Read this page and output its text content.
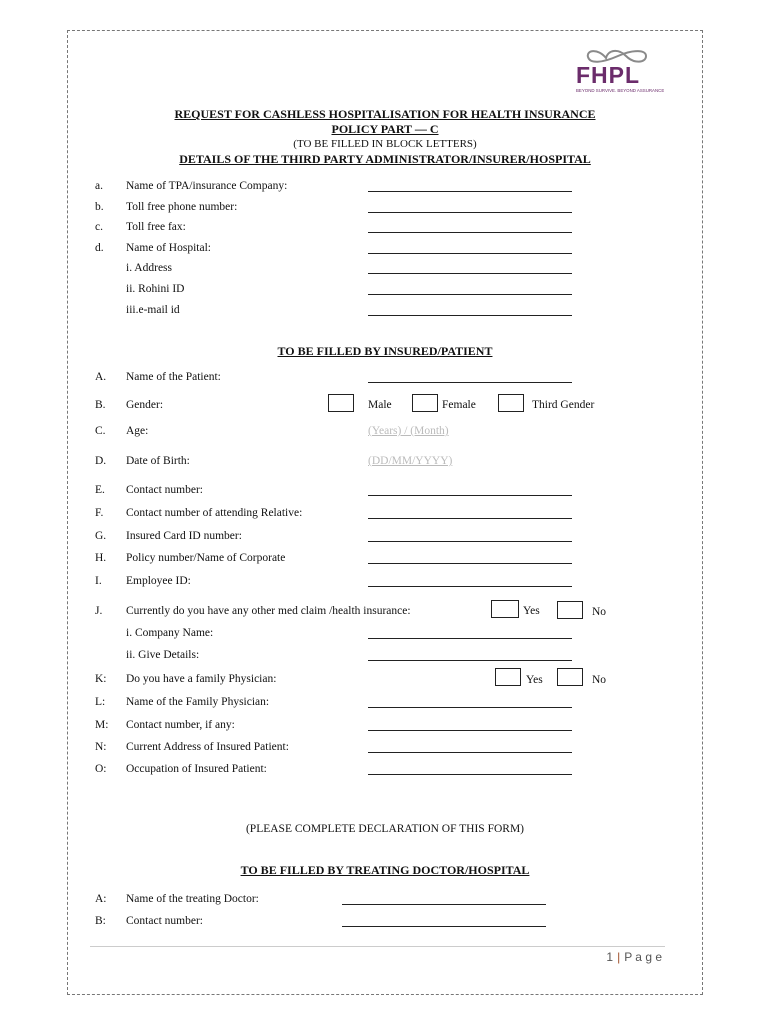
FHPL
BEYOND SURVIVE. BEYOND ASSURANCE
REQUEST FOR CASHLESS HOSPITALISATION FOR HEALTH INSURANCE
POLICY PART — C
(TO BE FILLED IN BLOCK LETTERS)
DETAILS OF THE THIRD PARTY ADMINISTRATOR/INSURER/HOSPITAL
a. Name of TPA/insurance Company:
b. Toll free phone number:
c. Toll free fax:
d. Name of Hospital:
i. Address
ii. Rohini ID
iii.e-mail id
TO BE FILLED BY INSURED/PATIENT
A. Name of the Patient:
B. Gender:	Male	Female	Third Gender
C. Age:	(Years) / (Month)
D. Date of Birth:	(DD/MM/YYYY)
E. Contact number:
F. Contact number of attending Relative:
G. Insured Card ID number:
H. Policy number/Name of Corporate
I. Employee ID:
J. Currently do you have any other med claim /health insurance:	Yes	No
i. Company Name:
ii. Give Details:
K: Do you have a family Physician:	Yes	No
L: Name of the Family Physician:
M: Contact number, if any:
N: Current Address of Insured Patient:
O: Occupation of Insured Patient:
(PLEASE COMPLETE DECLARATION OF THIS FORM)
TO BE FILLED BY TREATING DOCTOR/HOSPITAL
A: Name of the treating Doctor:
B: Contact number:
1 | P a g e
